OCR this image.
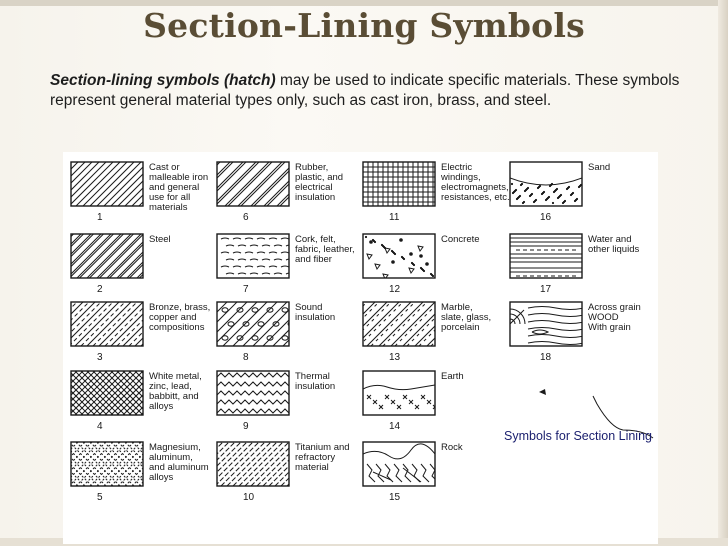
Section-Lining Symbols
Section-lining symbols (hatch) may be used to indicate specific materials. These symbols represent general material types only, such as cast iron, brass, and steel.
1
Cast or
malleable iron
and general
use for all
materials
2
Steel
3
Bronze, brass,
copper and
compositions
4
White metal,
zinc, lead,
babbitt, and
alloys
5
Magnesium,
aluminum,
and aluminum
alloys
6
Rubber,
plastic, and
electrical
insulation
7
Cork, felt,
fabric, leather,
and fiber
8
Sound
insulation
9
Thermal
insulation
10
Titanium and
refractory
material
11
Electric
windings,
electromagnets,
resistances, etc.
12
Concrete
13
Marble,
slate, glass,
porcelain
14
Earth
15
Rock
16
Sand
17
Water and
other liquids
18
Across grain
WOOD
With grain
Symbols for Section Lining
